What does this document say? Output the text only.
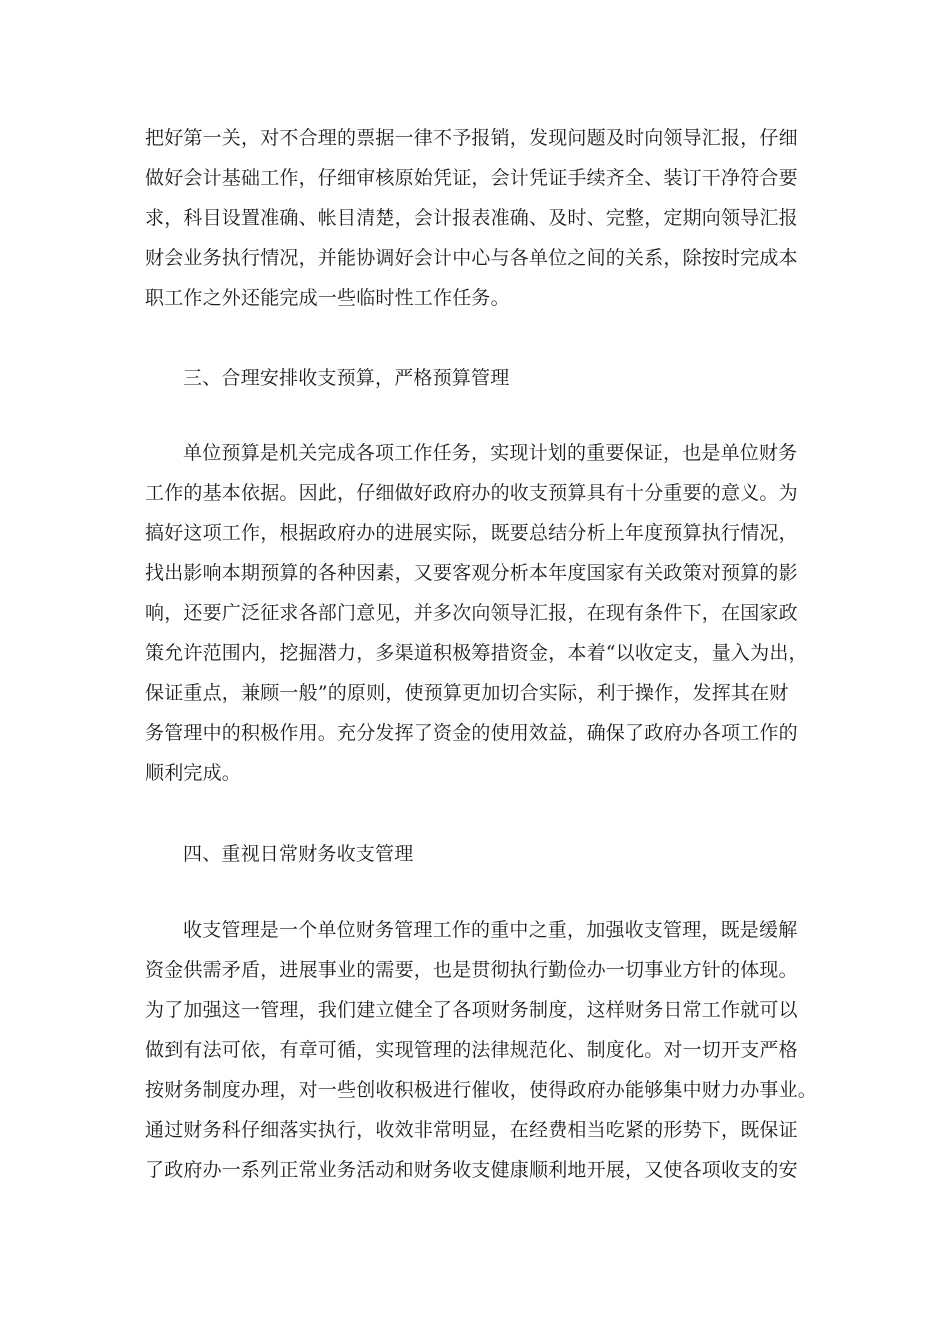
把好第一关，对不合理的票据一律不予报销，发现问题及时向领导汇报，仔细
做好会计基础工作，仔细审核原始凭证，会计凭证手续齐全、装订干净符合要
求，科目设置准确、帐目清楚，会计报表准确、及时、完整，定期向领导汇报
财会业务执行情况，并能协调好会计中心与各单位之间的关系，除按时完成本
职工作之外还能完成一些临时性工作任务。
三、合理安排收支预算，严格预算管理
单位预算是机关完成各项工作任务，实现计划的重要保证，也是单位财务
工作的基本依据。因此，仔细做好政府办的收支预算具有十分重要的意义。为
搞好这项工作，根据政府办的进展实际，既要总结分析上年度预算执行情况，
找出影响本期预算的各种因素，又要客观分析本年度国家有关政策对预算的影
响，还要广泛征求各部门意见，并多次向领导汇报，在现有条件下，在国家政
策允许范围内，挖掘潜力，多渠道积极筹措资金，本着“以收定支，量入为出，
保证重点，兼顾一般”的原则，使预算更加切合实际，利于操作，发挥其在财
务管理中的积极作用。充分发挥了资金的使用效益，确保了政府办各项工作的
顺利完成。
四、重视日常财务收支管理
收支管理是一个单位财务管理工作的重中之重，加强收支管理，既是缓解
资金供需矛盾，进展事业的需要，也是贯彻执行勤俭办一切事业方针的体现。
为了加强这一管理，我们建立健全了各项财务制度，这样财务日常工作就可以
做到有法可依，有章可循，实现管理的法律规范化、制度化。对一切开支严格
按财务制度办理，对一些创收积极进行催收，使得政府办能够集中财力办事业。
通过财务科仔细落实执行，收效非常明显，在经费相当吃紧的形势下，既保证
了政府办一系列正常业务活动和财务收支健康顺利地开展，又使各项收支的安
